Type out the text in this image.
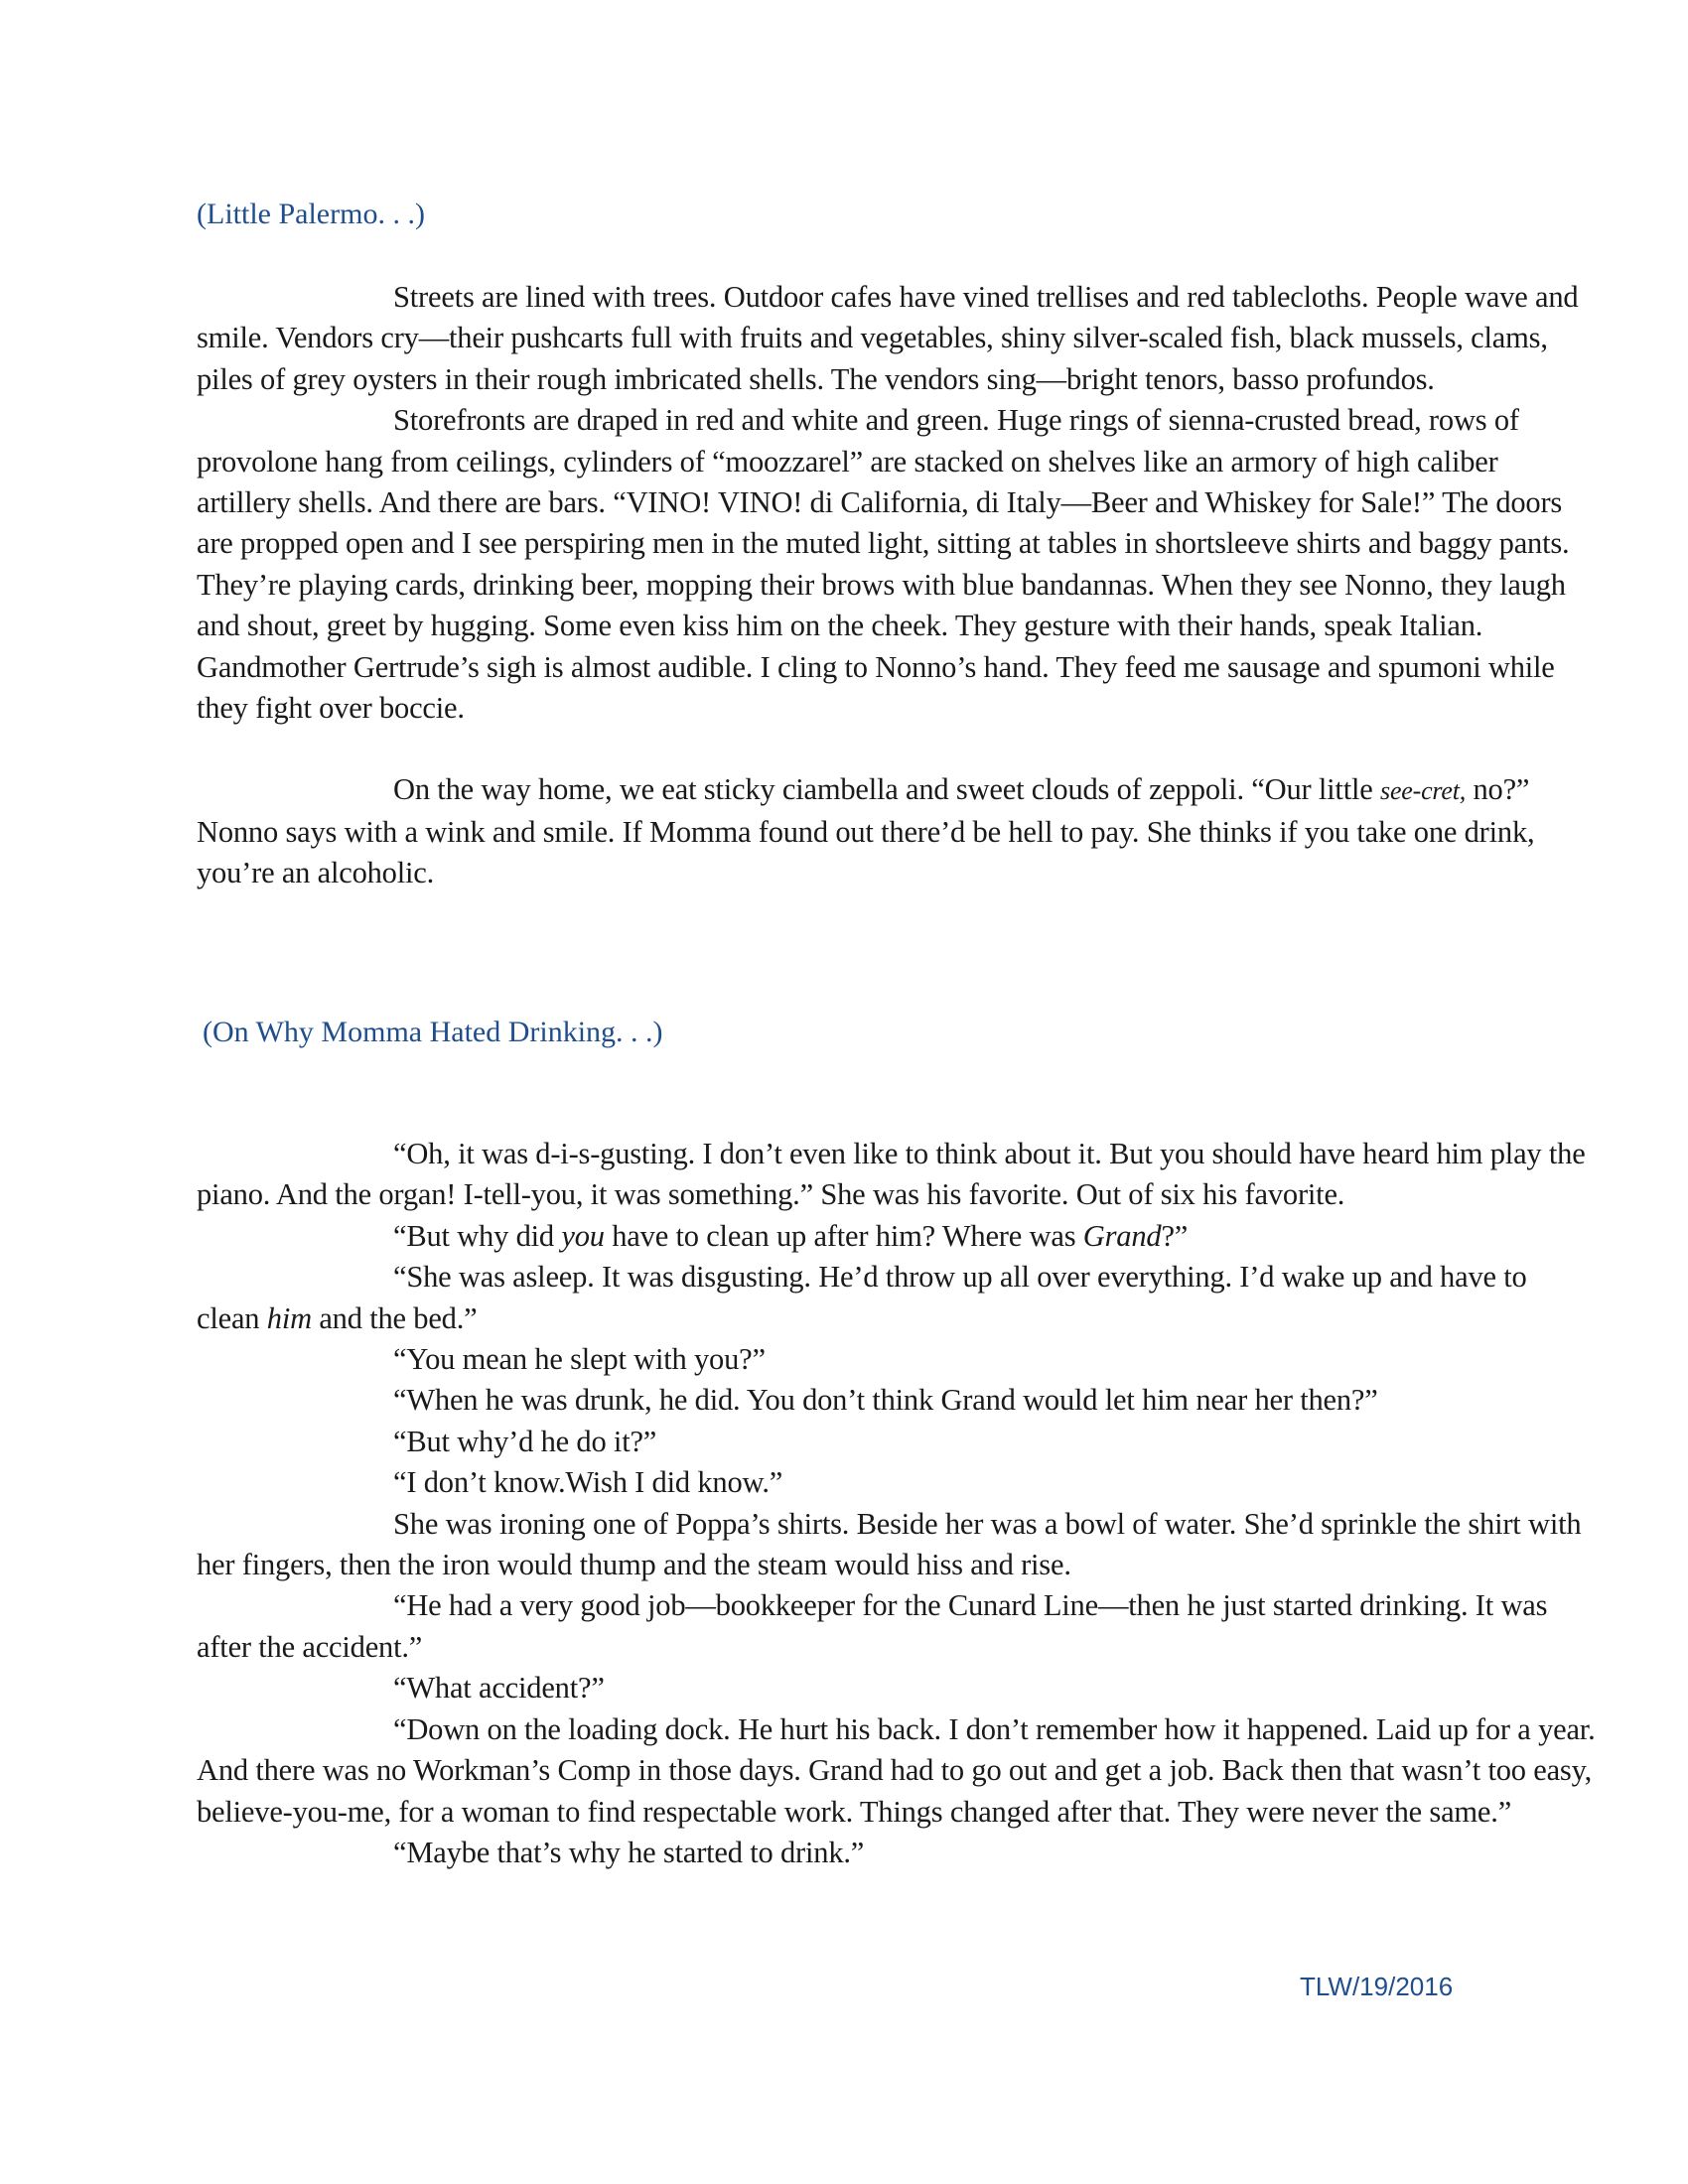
(Little Palermo. . .)

Streets are lined with trees. Outdoor cafes have vined trellises and red tablecloths. People wave and smile. Vendors cry—their pushcarts full with fruits and vegetables, shiny silver-scaled fish, black mussels, clams, piles of grey oysters in their rough imbricated shells. The vendors sing—bright tenors, basso profundos.

Storefronts are draped in red and white and green. Huge rings of sienna-crusted bread, rows of provolone hang from ceilings, cylinders of “moozzarel” are stacked on shelves like an armory of high caliber artillery shells. And there are bars. “VINO! VINO! di California, di Italy—Beer and Whiskey for Sale!” The doors are propped open and I see perspiring men in the muted light, sitting at tables in shortsleeve shirts and baggy pants. They’re playing cards, drinking beer, mopping their brows with blue bandannas. When they see Nonno, they laugh and shout, greet by hugging. Some even kiss him on the cheek. They gesture with their hands, speak Italian. Gandmother Gertrude’s sigh is almost audible. I cling to Nonno’s hand. They feed me sausage and spumoni while they fight over boccie.

On the way home, we eat sticky ciambella and sweet clouds of zeppoli. “Our little see-cret, no?” Nonno says with a wink and smile. If Momma found out there’d be hell to pay. She thinks if you take one drink, you’re an alcoholic.

(On Why Momma Hated Drinking. . .)

“Oh, it was d-i-s-gusting. I don’t even like to think about it. But you should have heard him play the piano. And the organ! I-tell-you, it was something.” She was his favorite. Out of six his favorite.

“But why did you have to clean up after him? Where was Grand?”

“She was asleep. It was disgusting. He’d throw up all over everything. I’d wake up and have to clean him and the bed.”

“You mean he slept with you?”

“When he was drunk, he did. You don’t think Grand would let him near her then?”

“But why’d he do it?”

“I don’t know.Wish I did know.”

She was ironing one of Poppa’s shirts. Beside her was a bowl of water. She’d sprinkle the shirt with her fingers, then the iron would thump and the steam would hiss and rise.

“He had a very good job—bookkeeper for the Cunard Line—then he just started drinking. It was after the accident.”

“What accident?”

“Down on the loading dock. He hurt his back. I don’t remember how it happened. Laid up for a year. And there was no Workman’s Comp in those days. Grand had to go out and get a job. Back then that wasn’t too easy, believe-you-me, for a woman to find respectable work. Things changed after that. They were never the same.”

“Maybe that’s why he started to drink.”

TLW/19/2016
